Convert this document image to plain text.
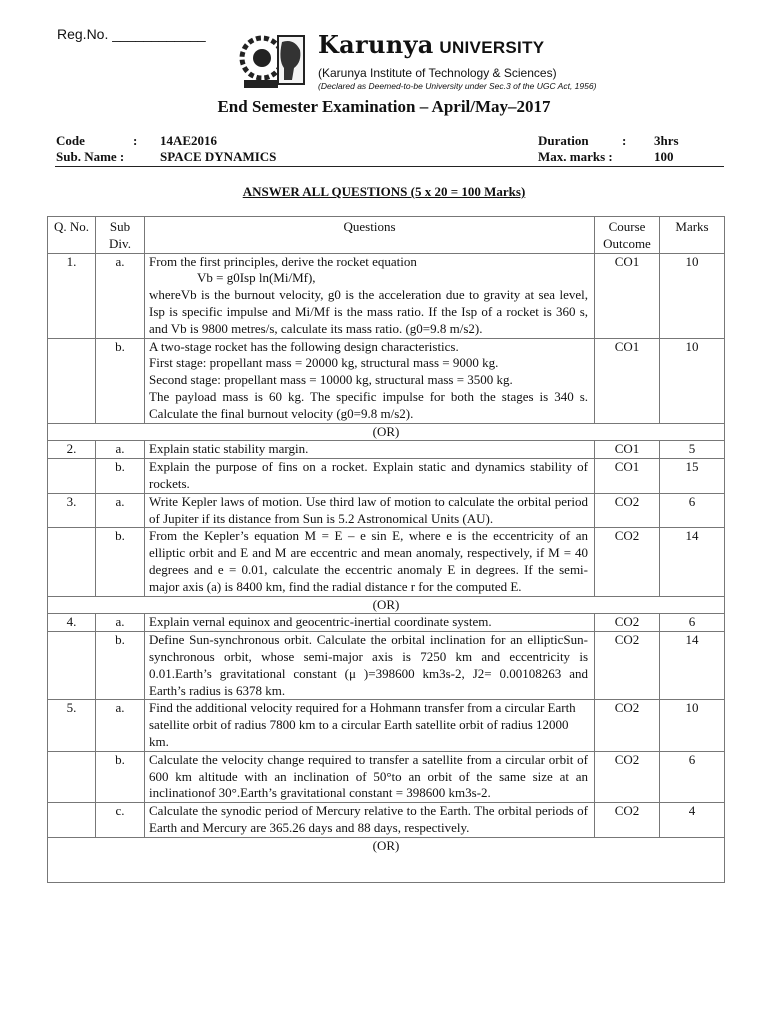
Reg.No. ____________	Karunya UNIVERSITY
(Karunya Institute of Technology & Sciences)
(Declared as Deemed-to-be University under Sec.3 of the UGC Act, 1956)
End Semester Examination – April/May–2017
Code	: 14AE2016
Sub. Name :	SPACE DYNAMICS
Duration	: 3hrs
Max. marks :	100
ANSWER ALL QUESTIONS (5 x 20 = 100 Marks)
Q. No.	Sub Div.	Questions	Course Outcome	Marks
1.	a.	From the first principles, derive the rocket equation
Vb = g0Isp ln(Mi/Mf),
whereVb is the burnout velocity, g0 is the acceleration due to gravity at sea level, Isp is specific impulse and Mi/Mf is the mass ratio. If the Isp of a rocket is 360 s, and Vb is 9800 metres/s, calculate its mass ratio. (g0=9.8 m/s2).	CO1	10
	b.	A two-stage rocket has the following design characteristics.
First stage: propellant mass = 20000 kg, structural mass = 9000 kg.
Second stage: propellant mass = 10000 kg, structural mass = 3500 kg.
The payload mass is 60 kg. The specific impulse for both the stages is 340 s. Calculate the final burnout velocity (g0=9.8 m/s2).	CO1	10
(OR)				
2.	a.	Explain static stability margin.	CO1	5
	b.	Explain the purpose of fins on a rocket. Explain static and dynamics stability of rockets.	CO1	15
3.	a.	Write Kepler laws of motion. Use third law of motion to calculate the orbital period of Jupiter if its distance from Sun is 5.2 Astronomical Units (AU).	CO2	6
	b.	From the Kepler’s equation M = E – e sin E, where e is the eccentricity of an elliptic orbit and E and M are eccentric and mean anomaly, respectively, if M = 40 degrees and e = 0.01, calculate the eccentric anomaly E in degrees. If the semi-major axis (a) is 8400 km, find the radial distance r for the computed E.	CO2	14
(OR)				
4.	a.	Explain vernal equinox and geocentric-inertial coordinate system.	CO2	6
	b.	Define Sun-synchronous orbit. Calculate the orbital inclination for an ellipticSun-synchronous orbit, whose semi-major axis is 7250 km and eccentricity is 0.01.Earth’s gravitational constant (μ )=398600 km3s-2, J2= 0.00108263 and Earth’s radius is 6378 km.	CO2	14
5.	a.	Find the additional velocity required for a Hohmann transfer from a circular Earth satellite orbit of radius 7800 km to a circular Earth satellite orbit of radius 12000 km.	CO2	10
	b.	Calculate the velocity change required to transfer a satellite from a circular orbit of 600 km altitude with an inclination of 50°to an orbit of the same size at an inclinationof 30°.Earth’s gravitational constant = 398600 km3s-2.	CO2	6
	c.	Calculate the synodic period of Mercury relative to the Earth. The orbital periods of Earth and Mercury are 365.26 days and 88 days, respectively.	CO2	4
(OR)				
